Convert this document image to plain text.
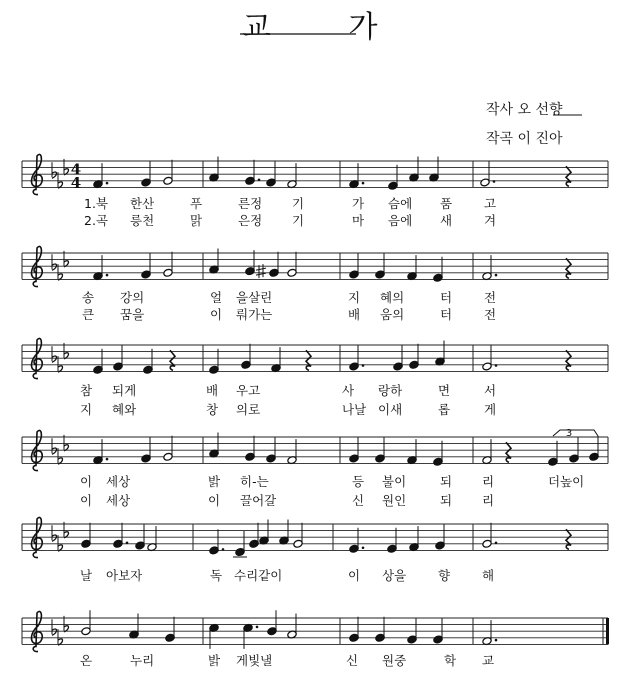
교 가
작사 오 선향
작곡 이 진아
3
4
4
1.북 한산	푸	른정 기	가 슴에 품	고
2.곡 릉천	맑	은정 기	마 음에 새	겨
송 강의	얼 을살린	지 혜의	터	전
큰 꿈을	이 뤄가는	배 움의	터	전
참 되게	배 우고	사 랑하	면	서
지 혜와	창 의로	나날 이새	롭	게
이 세상	밝 히-는	등 불이	되 리	더높이
이 세상	이 끌어갈	신 원인	되 리
날 아보자	독 수리같이	이 상을	향	해
온	누리	밝 게빛낼	신 원중	학 교
